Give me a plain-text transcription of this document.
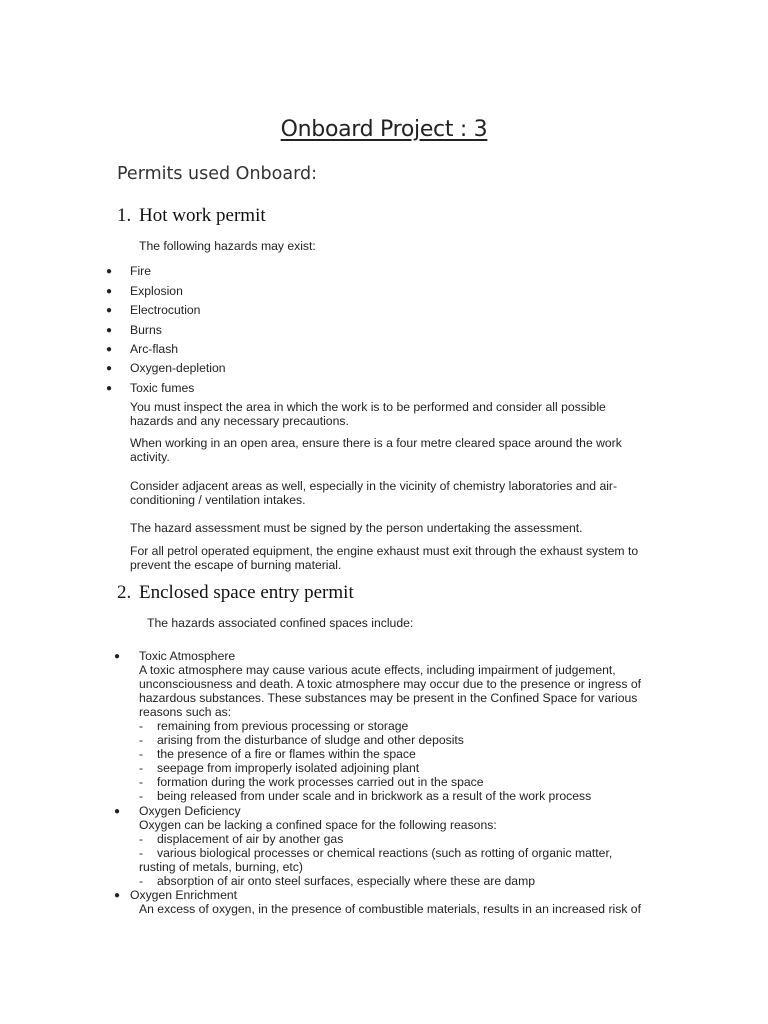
Onboard Project : 3
Permits used Onboard:
1. Hot work permit
The following hazards may exist:
● Fire
● Explosion
● Electrocution
● Burns
● Arc-flash
● Oxygen-depletion
● Toxic fumes
You must inspect the area in which the work is to be performed and consider all possible
hazards and any necessary precautions.
When working in an open area, ensure there is a four metre cleared space around the work
activity.
Consider adjacent areas as well, especially in the vicinity of chemistry laboratories and air-
conditioning / ventilation intakes.
The hazard assessment must be signed by the person undertaking the assessment.
For all petrol operated equipment, the engine exhaust must exit through the exhaust system to
prevent the escape of burning material.
2. Enclosed space entry permit
The hazards associated confined spaces include:
● Toxic Atmosphere
A toxic atmosphere may cause various acute effects, including impairment of judgement,
unconsciousness and death. A toxic atmosphere may occur due to the presence or ingress of
hazardous substances. These substances may be present in the Confined Space for various
reasons such as:
- remaining from previous processing or storage
- arising from the disturbance of sludge and other deposits
- the presence of a fire or flames within the space
- seepage from improperly isolated adjoining plant
- formation during the work processes carried out in the space
- being released from under scale and in brickwork as a result of the work process
● Oxygen Deficiency
Oxygen can be lacking a confined space for the following reasons:
- displacement of air by another gas
- various biological processes or chemical reactions (such as rotting of organic matter,
rusting of metals, burning, etc)
- absorption of air onto steel surfaces, especially where these are damp
● Oxygen Enrichment
An excess of oxygen, in the presence of combustible materials, results in an increased risk of
